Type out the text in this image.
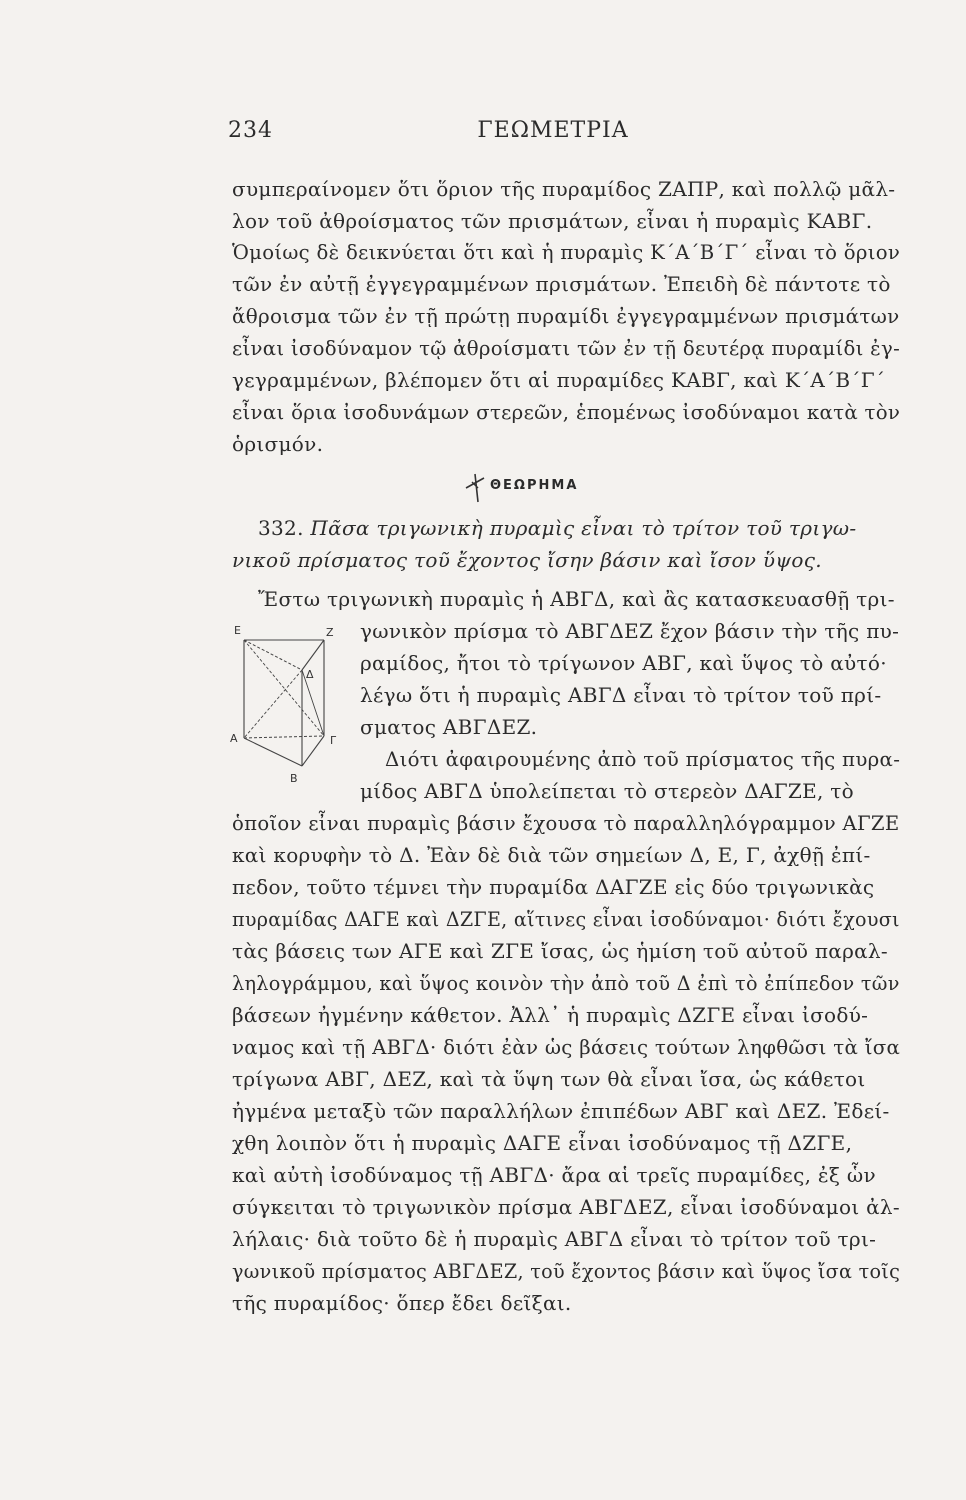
234	ΓΕΩΜΕΤΡΙΑ
συμπεραίνομεν ὅτι ὅριον τῆς πυραμίδος ΖΑΠΡ, καὶ πολλῷ μᾶλ-
λον τοῦ ἀθροίσματος τῶν πρισμάτων, εἶναι ἡ πυραμὶς ΚΑΒΓ.
Ὁμοίως δὲ δεικνύεται ὅτι καὶ ἡ πυραμὶς Κ΄Α΄Β΄Γ΄ εἶναι τὸ ὅριον
τῶν ἐν αὐτῇ ἐγγεγραμμένων πρισμάτων. Ἐπειδὴ δὲ πάντοτε τὸ
ἄθροισμα τῶν ἐν τῇ πρώτῃ πυραμίδι ἐγγεγραμμένων πρισμάτων
εἶναι ἰσοδύναμον τῷ ἀθροίσματι τῶν ἐν τῇ δευτέρᾳ πυραμίδι ἐγ-
γεγραμμένων, βλέπομεν ὅτι αἱ πυραμίδες ΚΑΒΓ, καὶ Κ΄Α΄Β΄Γ΄
εἶναι ὅρια ἰσοδυνάμων στερεῶν, ἑπομένως ἰσοδύναμοι κατὰ τὸν
ὁρισμόν.
ΘΕΩΡΗΜΑ
332. Πᾶσα τριγωνικὴ πυραμὶς εἶναι τὸ τρίτον τοῦ τριγω-
νικοῦ πρίσματος τοῦ ἔχοντος ἴσην βάσιν καὶ ἴσον ὕψος.
Ἔστω τριγωνικὴ πυραμὶς ἡ ΑΒΓΔ, καὶ ἂς κατασκευασθῇ τρι-
Ε	Ζ
Δ
Α	Γ
Β
γωνικὸν πρίσμα τὸ ΑΒΓΔΕΖ ἔχον βάσιν τὴν τῆς πυ-
ραμίδος, ἤτοι τὸ τρίγωνον ΑΒΓ, καὶ ὕψος τὸ αὐτό·
λέγω ὅτι ἡ πυραμὶς ΑΒΓΔ εἶναι τὸ τρίτον τοῦ πρί-
σματος ΑΒΓΔΕΖ.
Διότι ἀφαιρουμένης ἀπὸ τοῦ πρίσματος τῆς πυρα-
μίδος ΑΒΓΔ ὑπολείπεται τὸ στερεὸν ΔΑΓΖΕ, τὸ
ὁποῖον εἶναι πυραμὶς βάσιν ἔχουσα τὸ παραλληλόγραμμον ΑΓΖΕ
καὶ κορυφὴν τὸ Δ. Ἐὰν δὲ διὰ τῶν σημείων Δ, Ε, Γ, ἀχθῇ ἐπί-
πεδον, τοῦτο τέμνει τὴν πυραμίδα ΔΑΓΖΕ εἰς δύο τριγωνικὰς
πυραμίδας ΔΑΓΕ καὶ ΔΖΓΕ, αἵτινες εἶναι ἰσοδύναμοι· διότι ἔχουσι
τὰς βάσεις των ΑΓΕ καὶ ΖΓΕ ἴσας, ὡς ἡμίση τοῦ αὐτοῦ παραλ-
ληλογράμμου, καὶ ὕψος κοινὸν τὴν ἀπὸ τοῦ Δ ἐπὶ τὸ ἐπίπεδον τῶν
βάσεων ἠγμένην κάθετον. Ἀλλ᾽ ἡ πυραμὶς ΔΖΓΕ εἶναι ἰσοδύ-
ναμος καὶ τῇ ΑΒΓΔ· διότι ἐὰν ὡς βάσεις τούτων ληφθῶσι τὰ ἴσα
τρίγωνα ΑΒΓ, ΔΕΖ, καὶ τὰ ὕψη των θὰ εἶναι ἴσα, ὡς κάθετοι
ἠγμένα μεταξὺ τῶν παραλλήλων ἐπιπέδων ΑΒΓ καὶ ΔΕΖ. Ἐδεί-
χθη λοιπὸν ὅτι ἡ πυραμὶς ΔΑΓΕ εἶναι ἰσοδύναμος τῇ ΔΖΓΕ,
καὶ αὐτὴ ἰσοδύναμος τῇ ΑΒΓΔ· ἄρα αἱ τρεῖς πυραμίδες, ἐξ ὧν
σύγκειται τὸ τριγωνικὸν πρίσμα ΑΒΓΔΕΖ, εἶναι ἰσοδύναμοι ἀλ-
λήλαις· διὰ τοῦτο δὲ ἡ πυραμὶς ΑΒΓΔ εἶναι τὸ τρίτον τοῦ τρι-
γωνικοῦ πρίσματος ΑΒΓΔΕΖ, τοῦ ἔχοντος βάσιν καὶ ὕψος ἴσα τοῖς
τῆς πυραμίδος· ὅπερ ἔδει δεῖξαι.
